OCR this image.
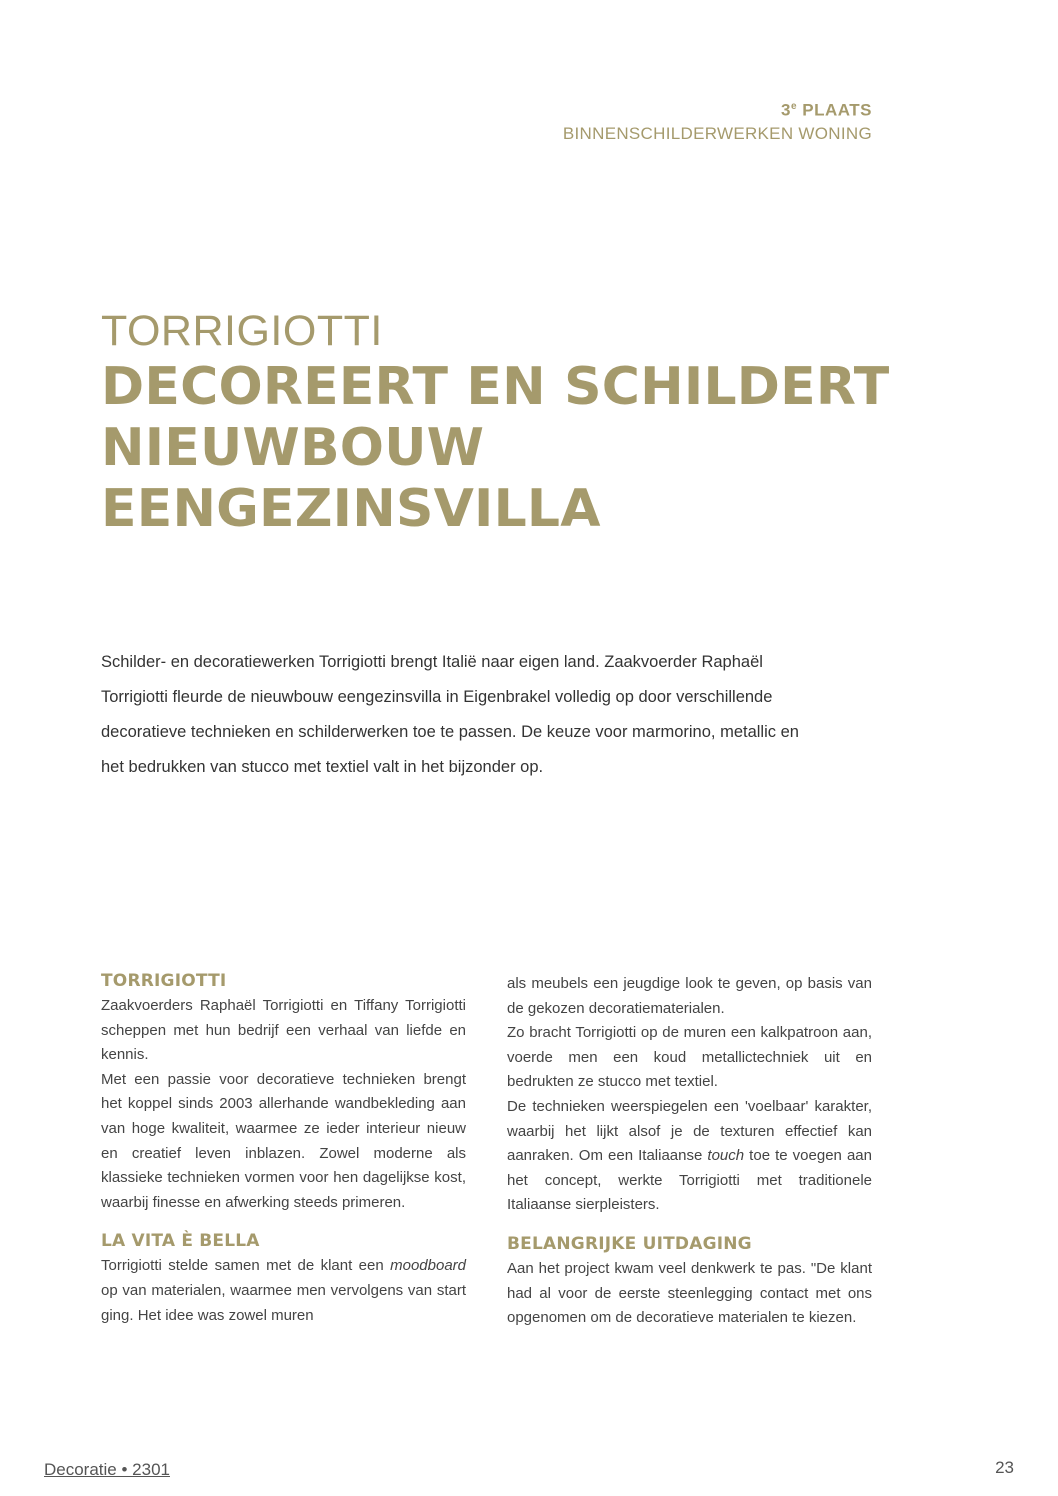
3e PLAATS
BINNENSCHILDERWERKEN WONING
TORRIGIOTTI
DECOREERT EN SCHILDERT
NIEUWBOUW
EENGEZINSVILLA
Schilder- en decoratiewerken Torrigiotti brengt Italië naar eigen land. Zaakvoerder Raphaël
Torrigiotti fleurde de nieuwbouw eengezinsvilla in Eigenbrakel volledig op door verschillende
decoratieve technieken en schilderwerken toe te passen. De keuze voor marmorino, metallic en
het bedrukken van stucco met textiel valt in het bijzonder op.
TORRIGIOTTI

Zaakvoerders Raphaël Torrigiotti en Tiffany Torrigiotti scheppen met hun bedrijf een verhaal van liefde en kennis.

Met een passie voor decoratieve technieken brengt het koppel sinds 2003 allerhande wandbekleding aan van hoge kwaliteit, waarmee ze ieder interieur nieuw en creatief leven inblazen. Zowel moderne als klassieke technieken vormen voor hen dagelijkse kost, waarbij finesse en afwerking steeds primeren.

LA VITA È BELLA

Torrigiotti stelde samen met de klant een moodboard op van materialen, waarmee men vervolgens van start ging. Het idee was zowel muren

als meubels een jeugdige look te geven, op basis van de gekozen decoratiematerialen.

Zo bracht Torrigiotti op de muren een kalkpatroon aan, voerde men een koud metallictechniek uit en bedrukten ze stucco met textiel.

De technieken weerspiegelen een 'voelbaar' karakter, waarbij het lijkt alsof je de texturen effectief kan aanraken. Om een Italiaanse touch toe te voegen aan het concept, werkte Torrigiotti met traditionele Italiaanse sierpleisters.

BELANGRIJKE UITDAGING

Aan het project kwam veel denkwerk te pas. "De klant had al voor de eerste steenlegging contact met ons opgenomen om de decoratieve materialen te kiezen.

Decoratie • 2301	23
